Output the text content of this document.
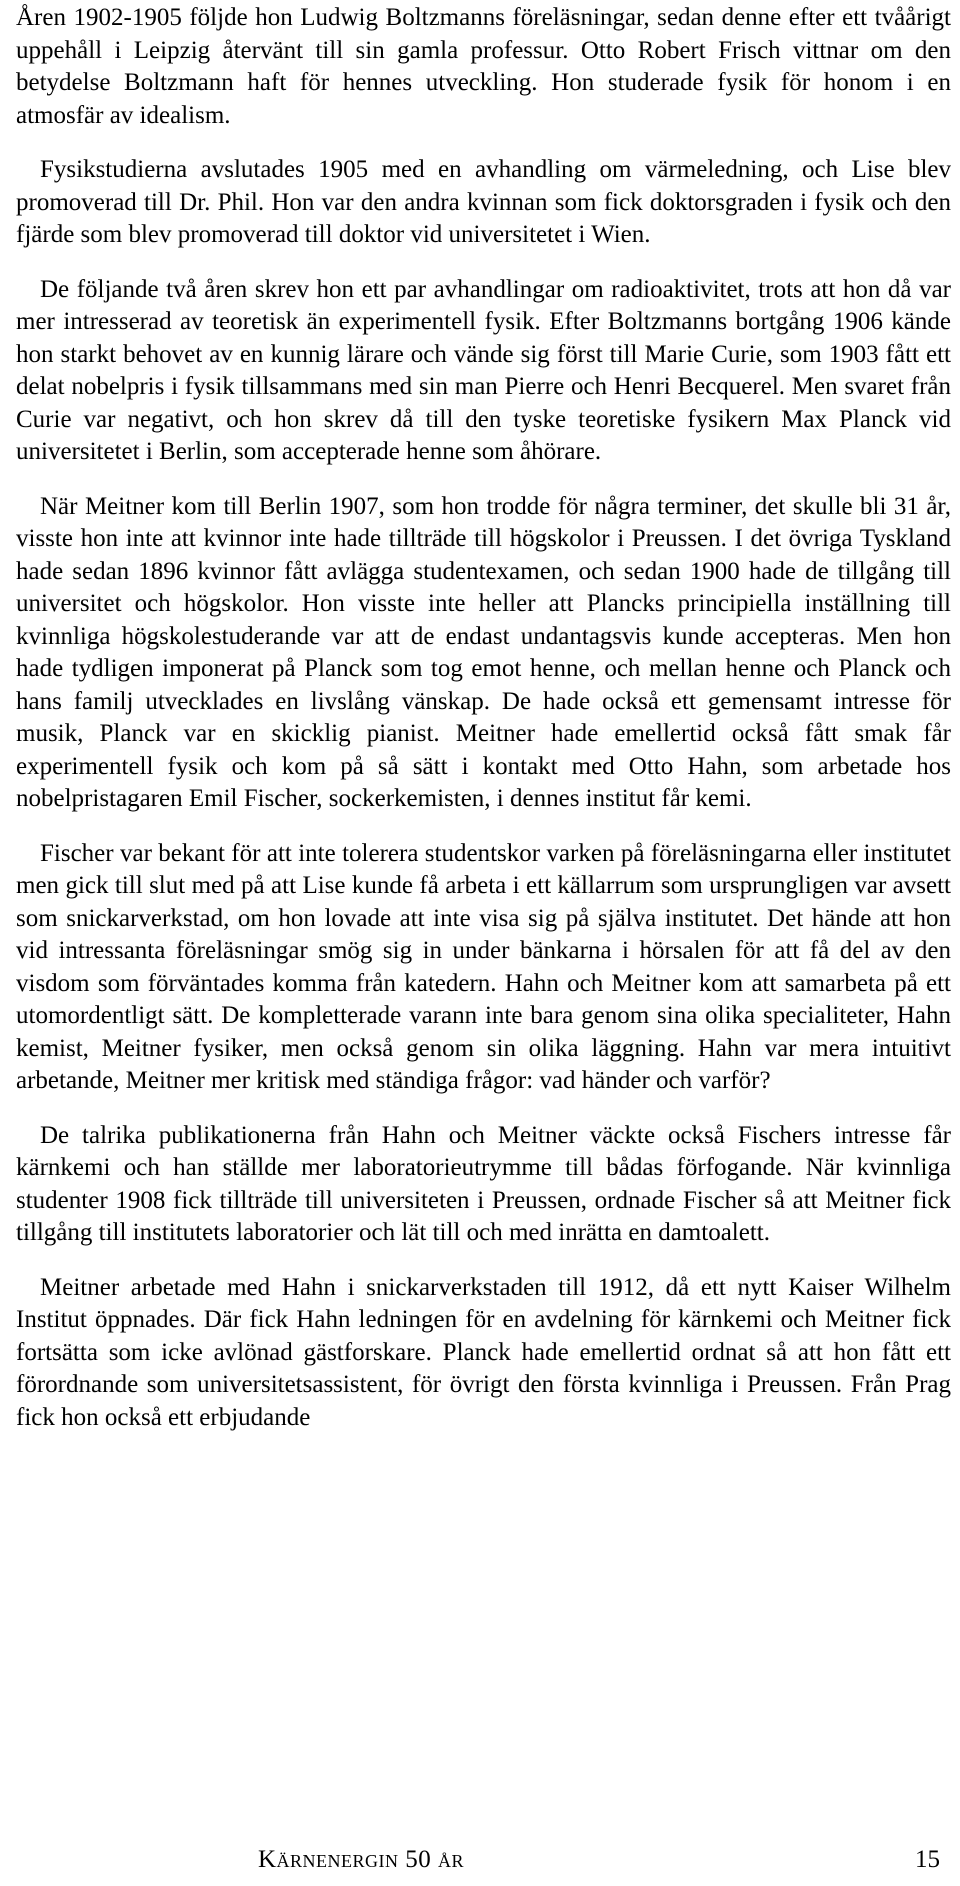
Åren 1902-1905 följde hon Ludwig Boltzmanns föreläsningar, sedan denne efter ett tvåårigt uppehåll i Leipzig återvänt till sin gamla professur. Otto Robert Frisch vittnar om den betydelse Boltzmann haft för hennes utveckling. Hon studerade fysik för honom i en atmosfär av idealism.

Fysikstudierna avslutades 1905 med en avhandling om värmeledning, och Lise blev promoverad till Dr. Phil. Hon var den andra kvinnan som fick doktorsgraden i fysik och den fjärde som blev promoverad till doktor vid universitetet i Wien.

De följande två åren skrev hon ett par avhandlingar om radioaktivitet, trots att hon då var mer intresserad av teoretisk än experimentell fysik. Efter Boltzmanns bortgång 1906 kände hon starkt behovet av en kunnig lärare och vände sig först till Marie Curie, som 1903 fått ett delat nobelpris i fysik tillsammans med sin man Pierre och Henri Becquerel. Men svaret från Curie var negativt, och hon skrev då till den tyske teoretiske fysikern Max Planck vid universitetet i Berlin, som accepterade henne som åhörare.

När Meitner kom till Berlin 1907, som hon trodde för några terminer, det skulle bli 31 år, visste hon inte att kvinnor inte hade tillträde till högskolor i Preussen. I det övriga Tyskland hade sedan 1896 kvinnor fått avlägga studentexamen, och sedan 1900 hade de tillgång till universitet och högskolor. Hon visste inte heller att Plancks principiella inställning till kvinnliga högskolestuderande var att de endast undantagsvis kunde accepteras. Men hon hade tydligen imponerat på Planck som tog emot henne, och mellan henne och Planck och hans familj utvecklades en livslång vänskap. De hade också ett gemensamt intresse för musik, Planck var en skicklig pianist. Meitner hade emellertid också fått smak får experimentell fysik och kom på så sätt i kontakt med Otto Hahn, som arbetade hos nobelpristagaren Emil Fischer, sockerkemisten, i dennes institut får kemi.

Fischer var bekant för att inte tolerera studentskor varken på föreläsningarna eller institutet men gick till slut med på att Lise kunde få arbeta i ett källarrum som ursprungligen var avsett som snickarverkstad, om hon lovade att inte visa sig på själva institutet. Det hände att hon vid intressanta föreläsningar smög sig in under bänkarna i hörsalen för att få del av den visdom som förväntades komma från katedern. Hahn och Meitner kom att samarbeta på ett utomordentligt sätt. De kompletterade varann inte bara genom sina olika specialiteter, Hahn kemist, Meitner fysiker, men också genom sin olika läggning. Hahn var mera intuitivt arbetande, Meitner mer kritisk med ständiga frågor: vad händer och varför?

De talrika publikationerna från Hahn och Meitner väckte också Fischers intresse får kärnkemi och han ställde mer laboratorieutrymme till bådas förfogande. När kvinnliga studenter 1908 fick tillträde till universiteten i Preussen, ordnade Fischer så att Meitner fick tillgång till institutets laboratorier och lät till och med inrätta en damtoalett.

Meitner arbetade med Hahn i snickarverkstaden till 1912, då ett nytt Kaiser Wilhelm Institut öppnades. Där fick Hahn ledningen för en avdelning för kärnkemi och Meitner fick fortsätta som icke avlönad gästforskare. Planck hade emellertid ordnat så att hon fått ett förordnande som universitetsassistent, för övrigt den första kvinnliga i Preussen. Från Prag fick hon också ett erbjudande

Kärnenergin 50 år	15
